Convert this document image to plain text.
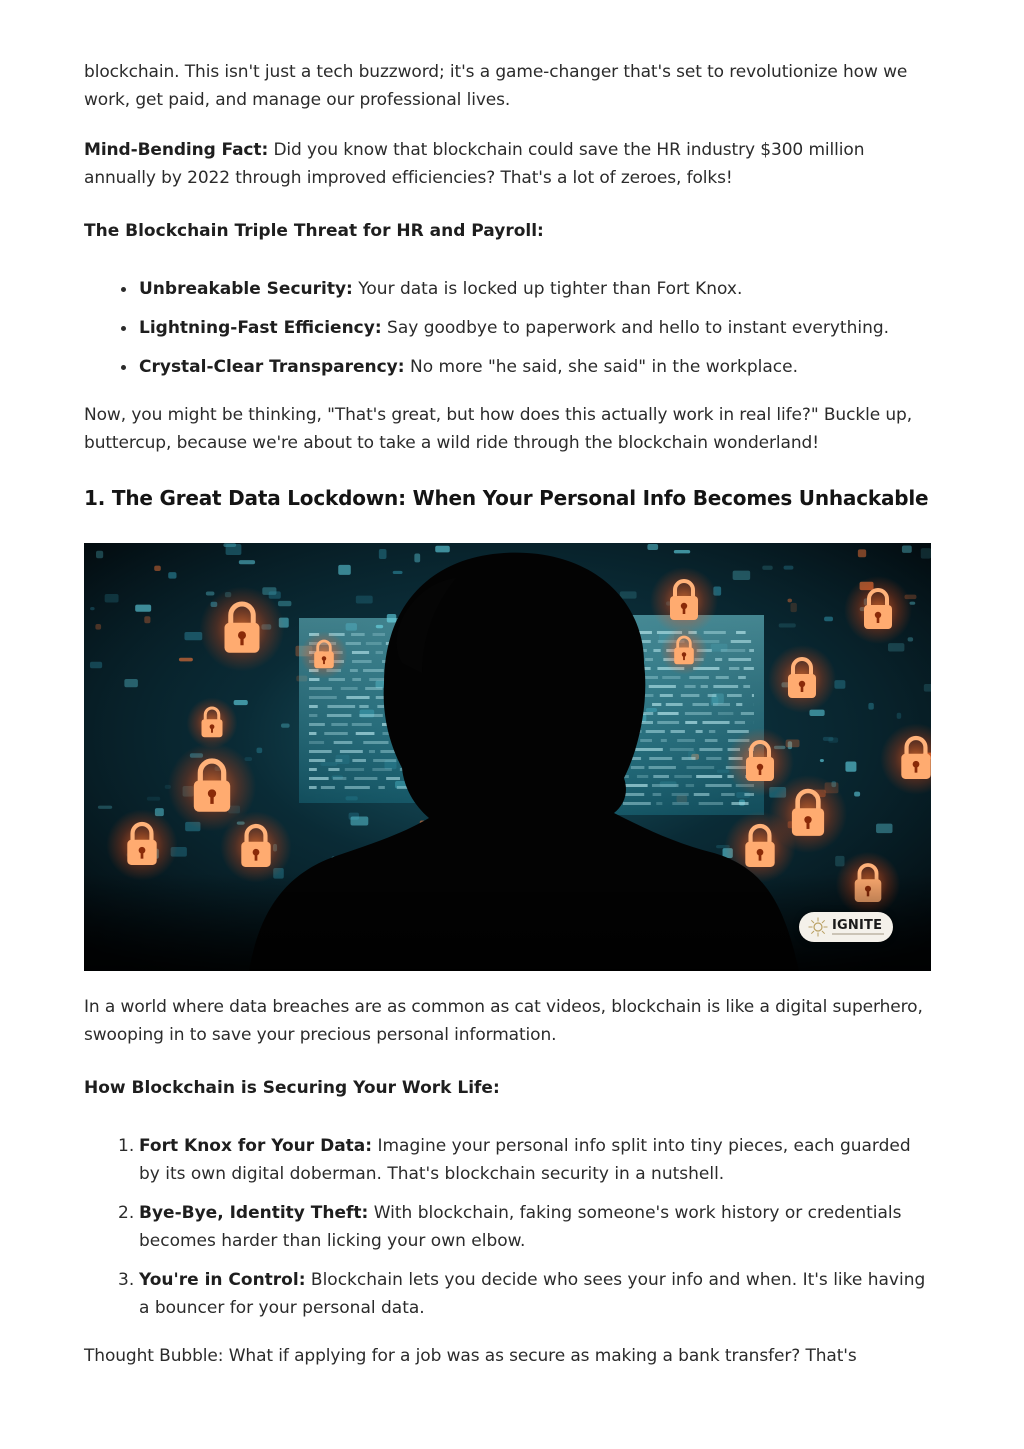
blockchain. This isn't just a tech buzzword; it's a game-changer that's set to revolutionize how we work, get paid, and manage our professional lives.

Mind-Bending Fact: Did you know that blockchain could save the HR industry $300 million annually by 2022 through improved efficiencies? That's a lot of zeroes, folks!

The Blockchain Triple Threat for HR and Payroll:
Unbreakable Security: Your data is locked up tighter than Fort Knox.
Lightning-Fast Efficiency: Say goodbye to paperwork and hello to instant everything.
Crystal-Clear Transparency: No more "he said, she said" in the workplace.

Now, you might be thinking, "That's great, but how does this actually work in real life?" Buckle up, buttercup, because we're about to take a wild ride through the blockchain wonderland!

1. The Great Data Lockdown: When Your Personal Info Becomes Unhackable
IGNITE

In a world where data breaches are as common as cat videos, blockchain is like a digital superhero, swooping in to save your precious personal information.

How Blockchain is Securing Your Work Life:
1. Fort Knox for Your Data: Imagine your personal info split into tiny pieces, each guarded by its own digital doberman. That's blockchain security in a nutshell.
2. Bye-Bye, Identity Theft: With blockchain, faking someone's work history or credentials becomes harder than licking your own elbow.
3. You're in Control: Blockchain lets you decide who sees your info and when. It's like having a bouncer for your personal data.

Thought Bubble: What if applying for a job was as secure as making a bank transfer? That's
